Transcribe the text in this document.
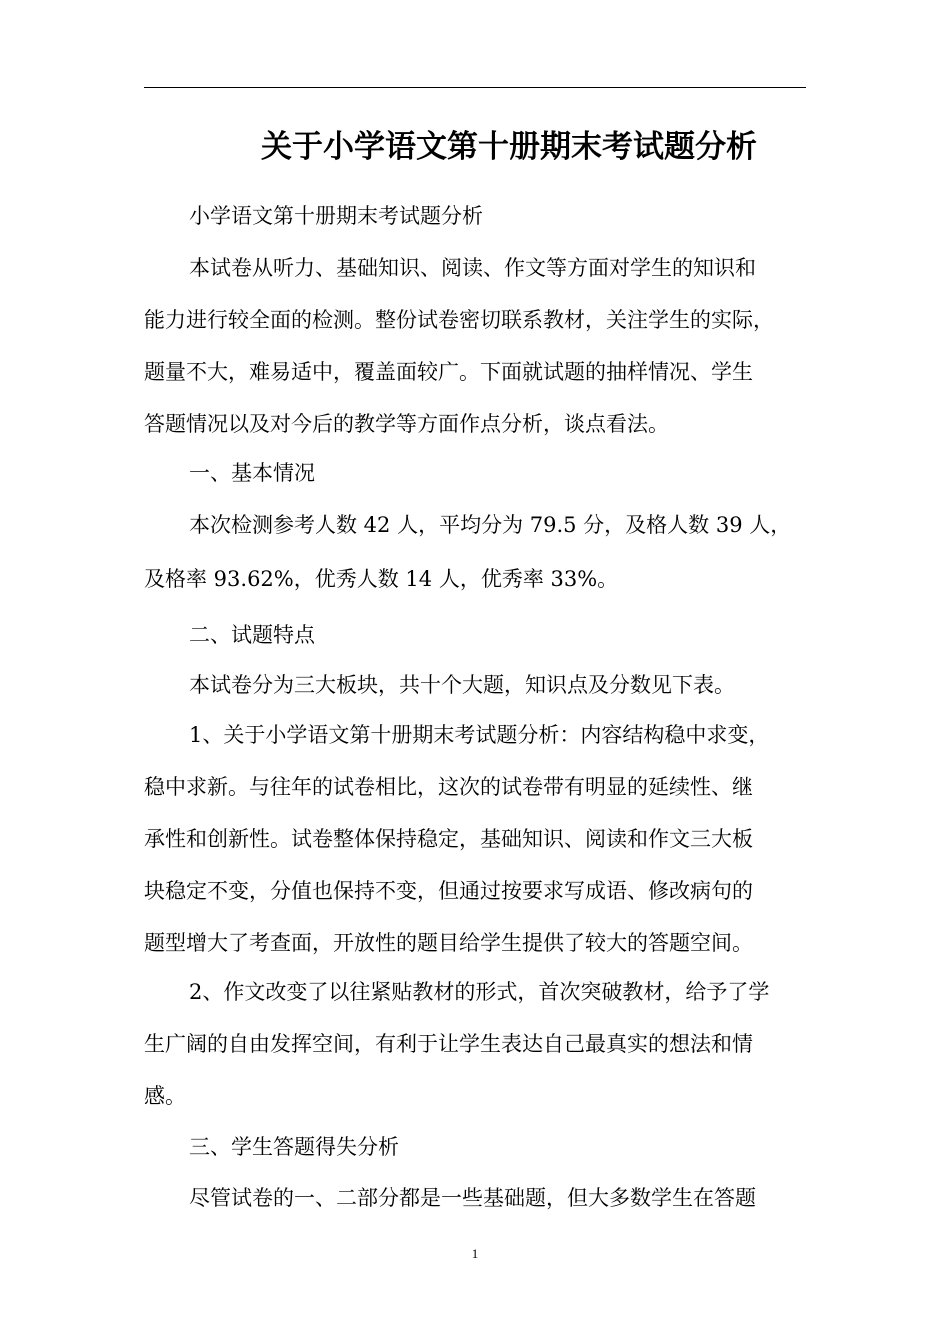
关于小学语文第十册期末考试题分析
小学语文第十册期末考试题分析
本试卷从听力、基础知识、阅读、作文等方面对学生的知识和
能力进行较全面的检测。整份试卷密切联系教材，关注学生的实际，
题量不大，难易适中，覆盖面较广。下面就试题的抽样情况、学生
答题情况以及对今后的教学等方面作点分析，谈点看法。
一、基本情况
本次检测参考人数 42 人，平均分为 79.5 分，及格人数 39 人，
及格率 93.62%，优秀人数 14 人，优秀率 33%。
二、试题特点
本试卷分为三大板块，共十个大题，知识点及分数见下表。
1、关于小学语文第十册期末考试题分析：内容结构稳中求变，
稳中求新。与往年的试卷相比，这次的试卷带有明显的延续性、继
承性和创新性。试卷整体保持稳定，基础知识、阅读和作文三大板
块稳定不变，分值也保持不变，但通过按要求写成语、修改病句的
题型增大了考查面，开放性的题目给学生提供了较大的答题空间。
2、作文改变了以往紧贴教材的形式，首次突破教材，给予了学
生广阔的自由发挥空间，有利于让学生表达自己最真实的想法和情
感。
三、学生答题得失分析
尽管试卷的一、二部分都是一些基础题，但大多数学生在答题
1
